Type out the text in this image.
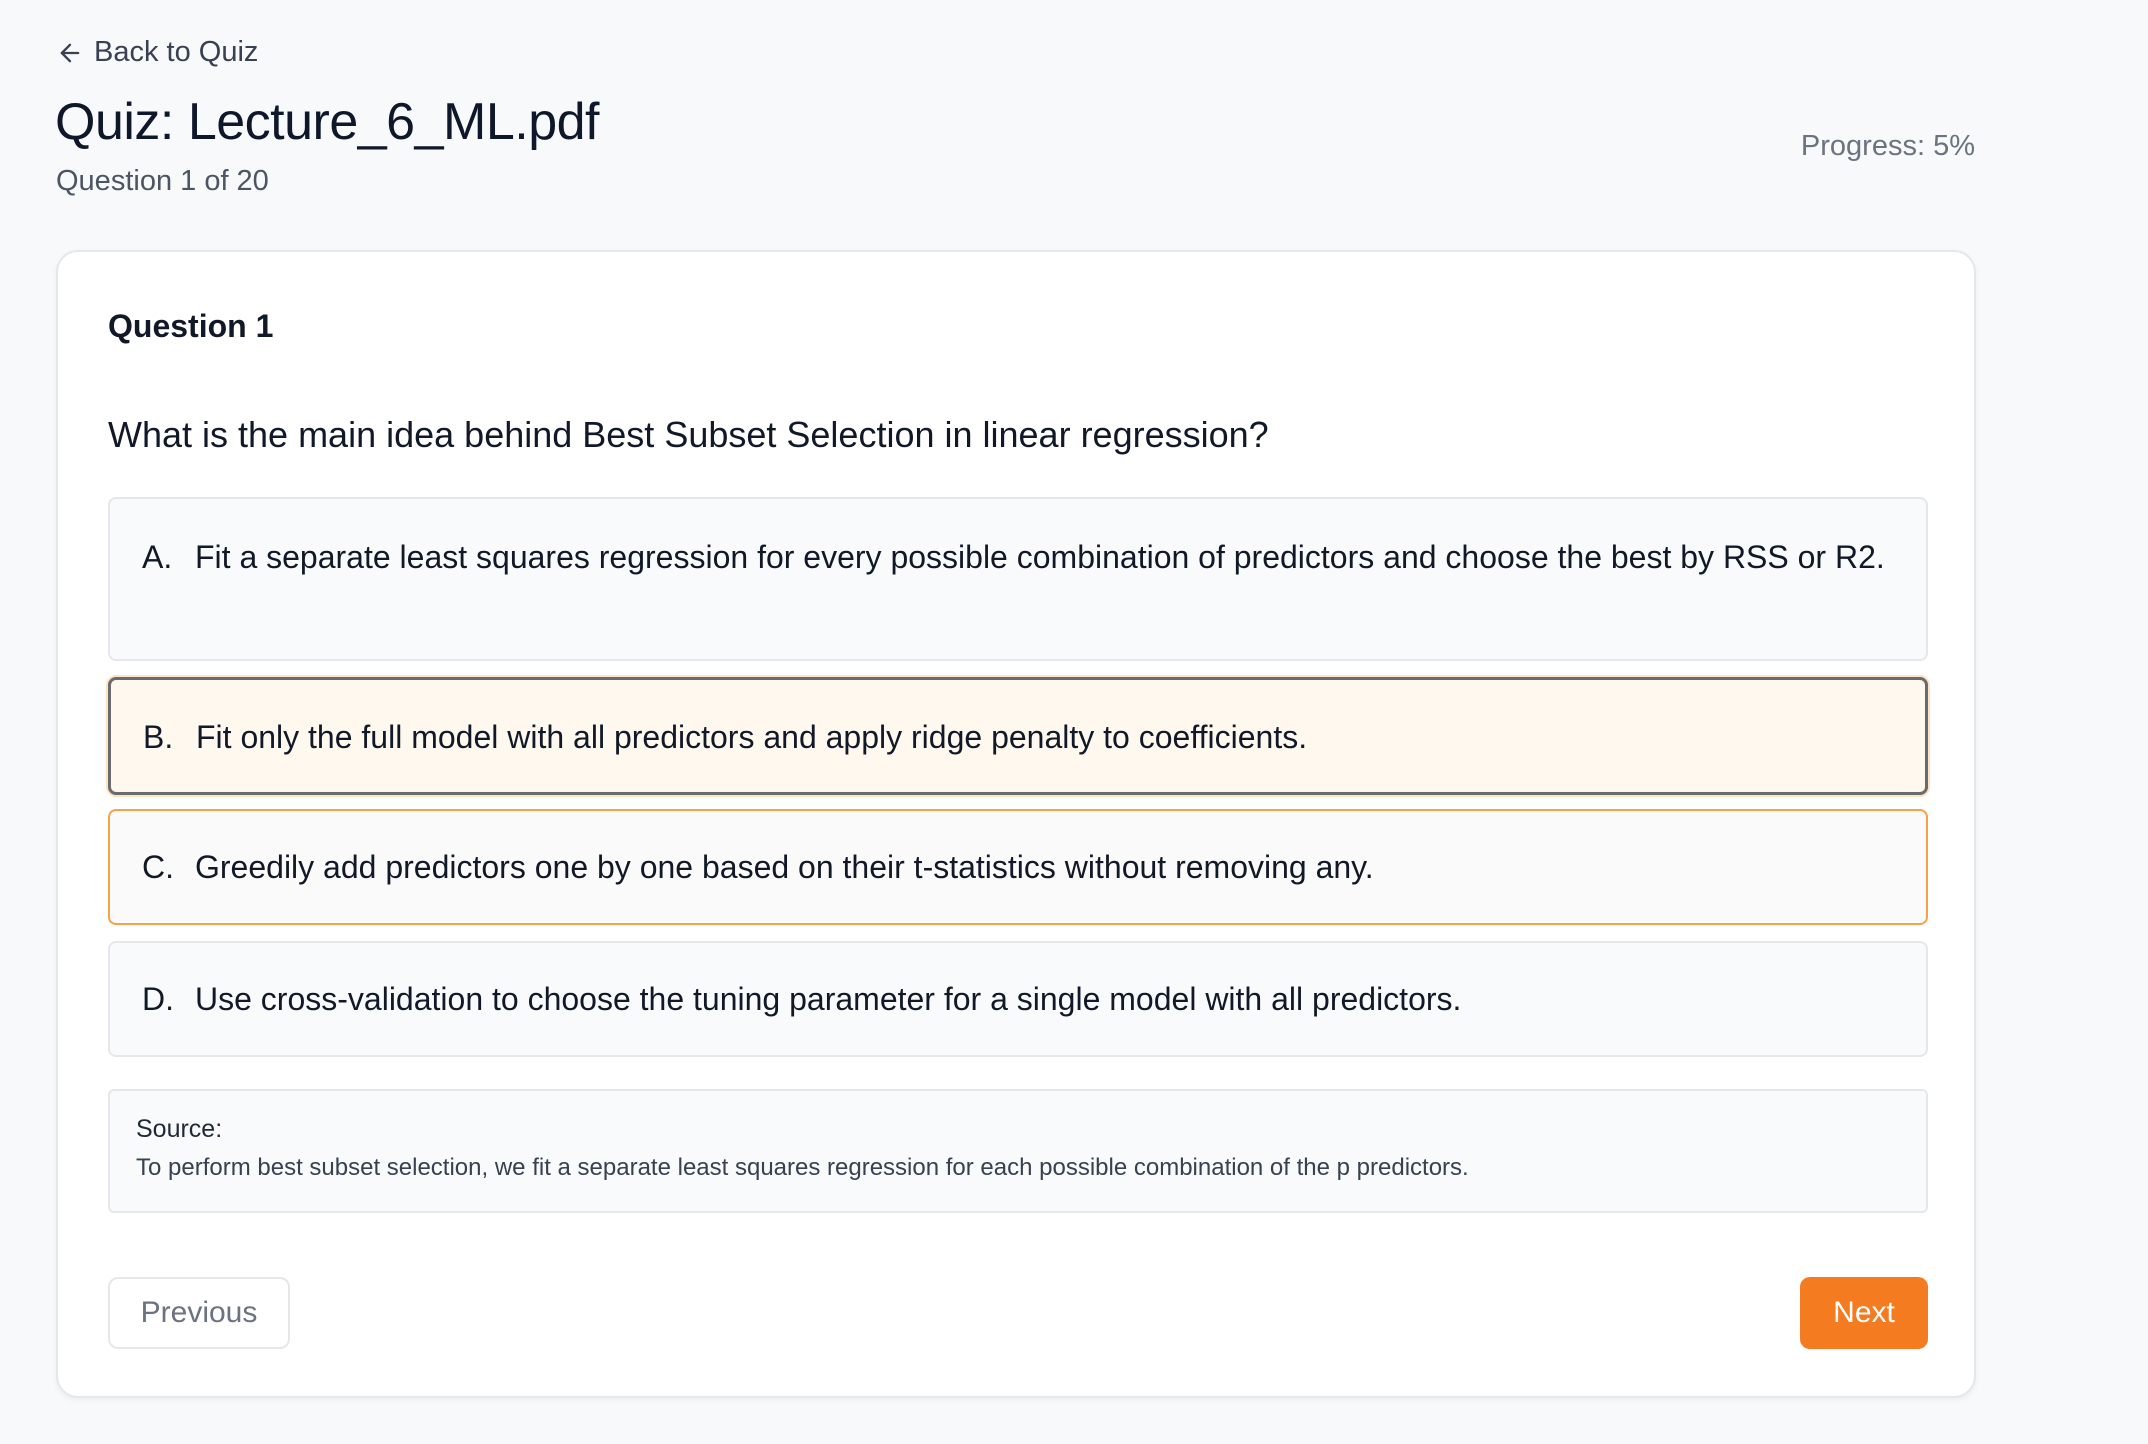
Back to Quiz
Quiz: Lecture_6_ML.pdf
Question 1 of 20
Progress: 5%
Question 1
What is the main idea behind Best Subset Selection in linear regression?
A. Fit a separate least squares regression for every possible combination of predictors and choose the best by RSS or R2.
B. Fit only the full model with all predictors and apply ridge penalty to coefficients.
C. Greedily add predictors one by one based on their t-statistics without removing any.
D. Use cross-validation to choose the tuning parameter for a single model with all predictors.
Source:
To perform best subset selection, we fit a separate least squares regression for each possible combination of the p predictors.
Previous	Next
